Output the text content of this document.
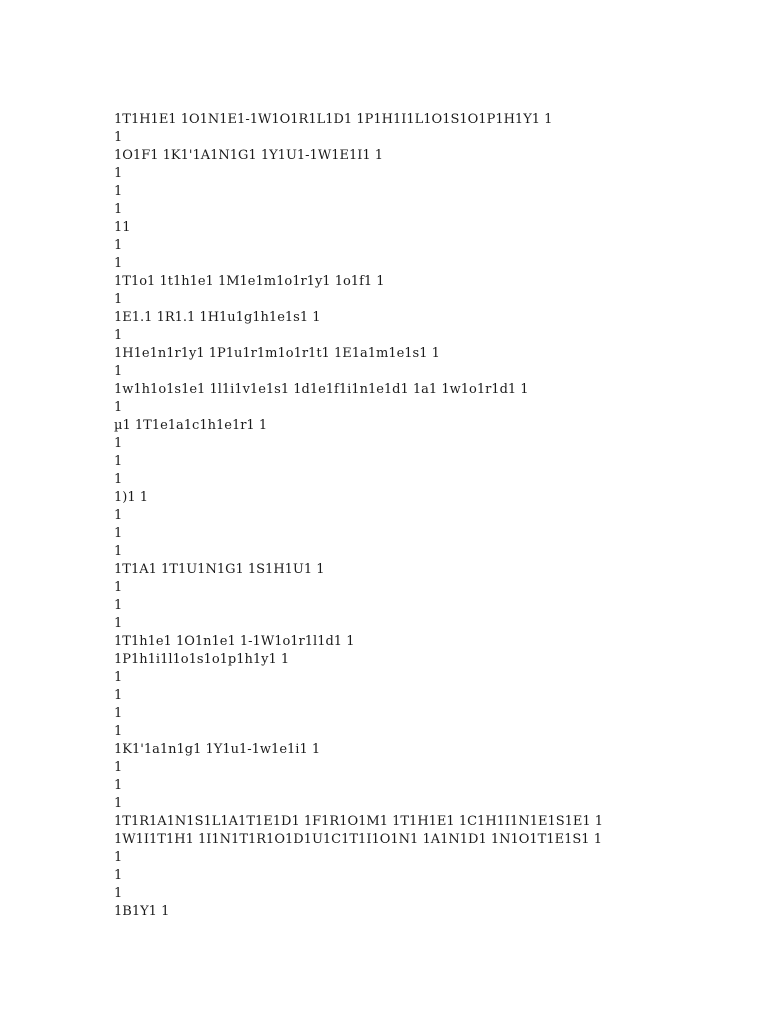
1T1H1E1 1O1N1E1-1W1O1R1L1D1 1P1H1I1L1O1S1O1P1H1Y1 1
1
1O1F1 1K1'1A1N1G1 1Y1U1-1W1E1I1 1
1
1
1
11
1
1
1T1o1 1t1h1e1 1M1e1m1o1r1y1 1o1f1 1
1
1E1.1 1R1.1 1H1u1g1h1e1s1 1
1
1H1e1n1r1y1 1P1u1r1m1o1r1t1 1E1a1m1e1s1 1
1
1w1h1o1s1e1 1l1i1v1e1s1 1d1e1f1i1n1e1d1 1a1 1w1o1r1d1 1
1
µ1 1T1e1a1c1h1e1r1 1
1
1
1
1)1 1
1
1
1
1T1A1 1T1U1N1G1 1S1H1U1 1
1
1
1
1T1h1e1 1O1n1e1 1-1W1o1r1l1d1 1
1P1h1i1l1o1s1o1p1h1y1 1
1
1
1
1
1K1'1a1n1g1 1Y1u1-1w1e1i1 1
1
1
1
1T1R1A1N1S1L1A1T1E1D1 1F1R1O1M1 1T1H1E1 1C1H1I1N1E1S1E1 1
1W1I1T1H1 1I1N1T1R1O1D1U1C1T1I1O1N1 1A1N1D1 1N1O1T1E1S1 1
1
1
1
1B1Y1 1
